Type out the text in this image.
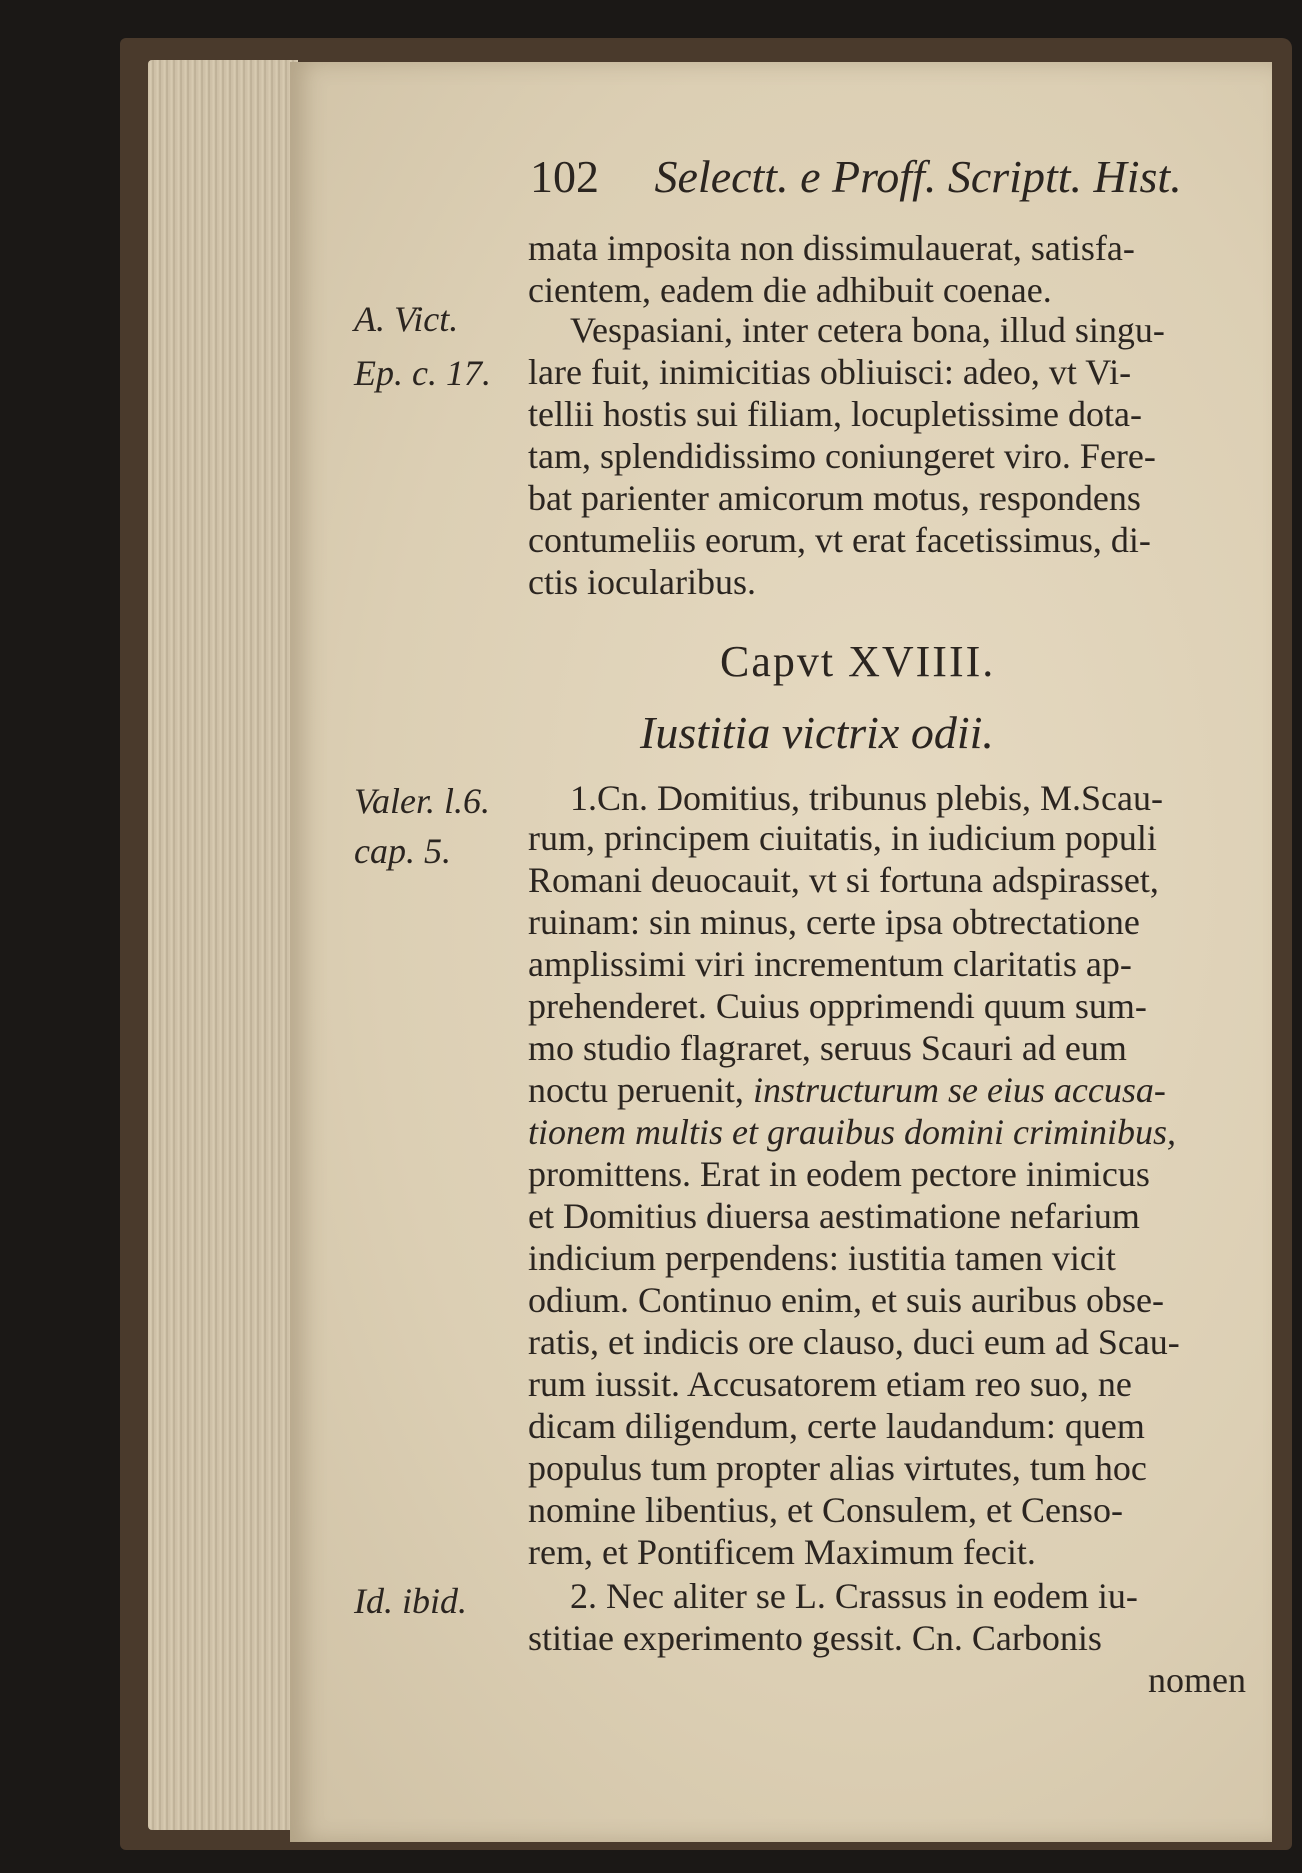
102 Selectt. e Proff. Scriptt. Hist.
A. Vict.
Ep. c. 17.
Valer. l.6.
cap. 5.
Id. ibid.
mata imposita non dissimulauerat, satisfa-
cientem, eadem die adhibuit coenae.
Vespasiani, inter cetera bona, illud singu-
lare fuit, inimicitias obliuisci: adeo, vt Vi-
tellii hostis sui filiam, locupletissime dota-
tam, splendidissimo coniungeret viro. Fere-
bat parienter amicorum motus, respondens
contumeliis eorum, vt erat facetissimus, di-
ctis iocularibus.
Capvt XVIIII.
Iustitia victrix odii.
1.Cn. Domitius, tribunus plebis, M.Scau-
rum, principem ciuitatis, in iudicium populi
Romani deuocauit, vt si fortuna adspirasset,
ruinam: sin minus, certe ipsa obtrectatione
amplissimi viri incrementum claritatis ap-
prehenderet. Cuius opprimendi quum sum-
mo studio flagraret, seruus Scauri ad eum
noctu peruenit, instructurum se eius accusa-
tionem multis et grauibus domini criminibus,
promittens. Erat in eodem pectore inimicus
et Domitius diuersa aestimatione nefarium
indicium perpendens: iustitia tamen vicit
odium. Continuo enim, et suis auribus obse-
ratis, et indicis ore clauso, duci eum ad Scau-
rum iussit. Accusatorem etiam reo suo, ne
dicam diligendum, certe laudandum: quem
populus tum propter alias virtutes, tum hoc
nomine libentius, et Consulem, et Censo-
rem, et Pontificem Maximum fecit.
2. Nec aliter se L. Crassus in eodem iu-
stitiae experimento gessit. Cn. Carbonis
nomen
